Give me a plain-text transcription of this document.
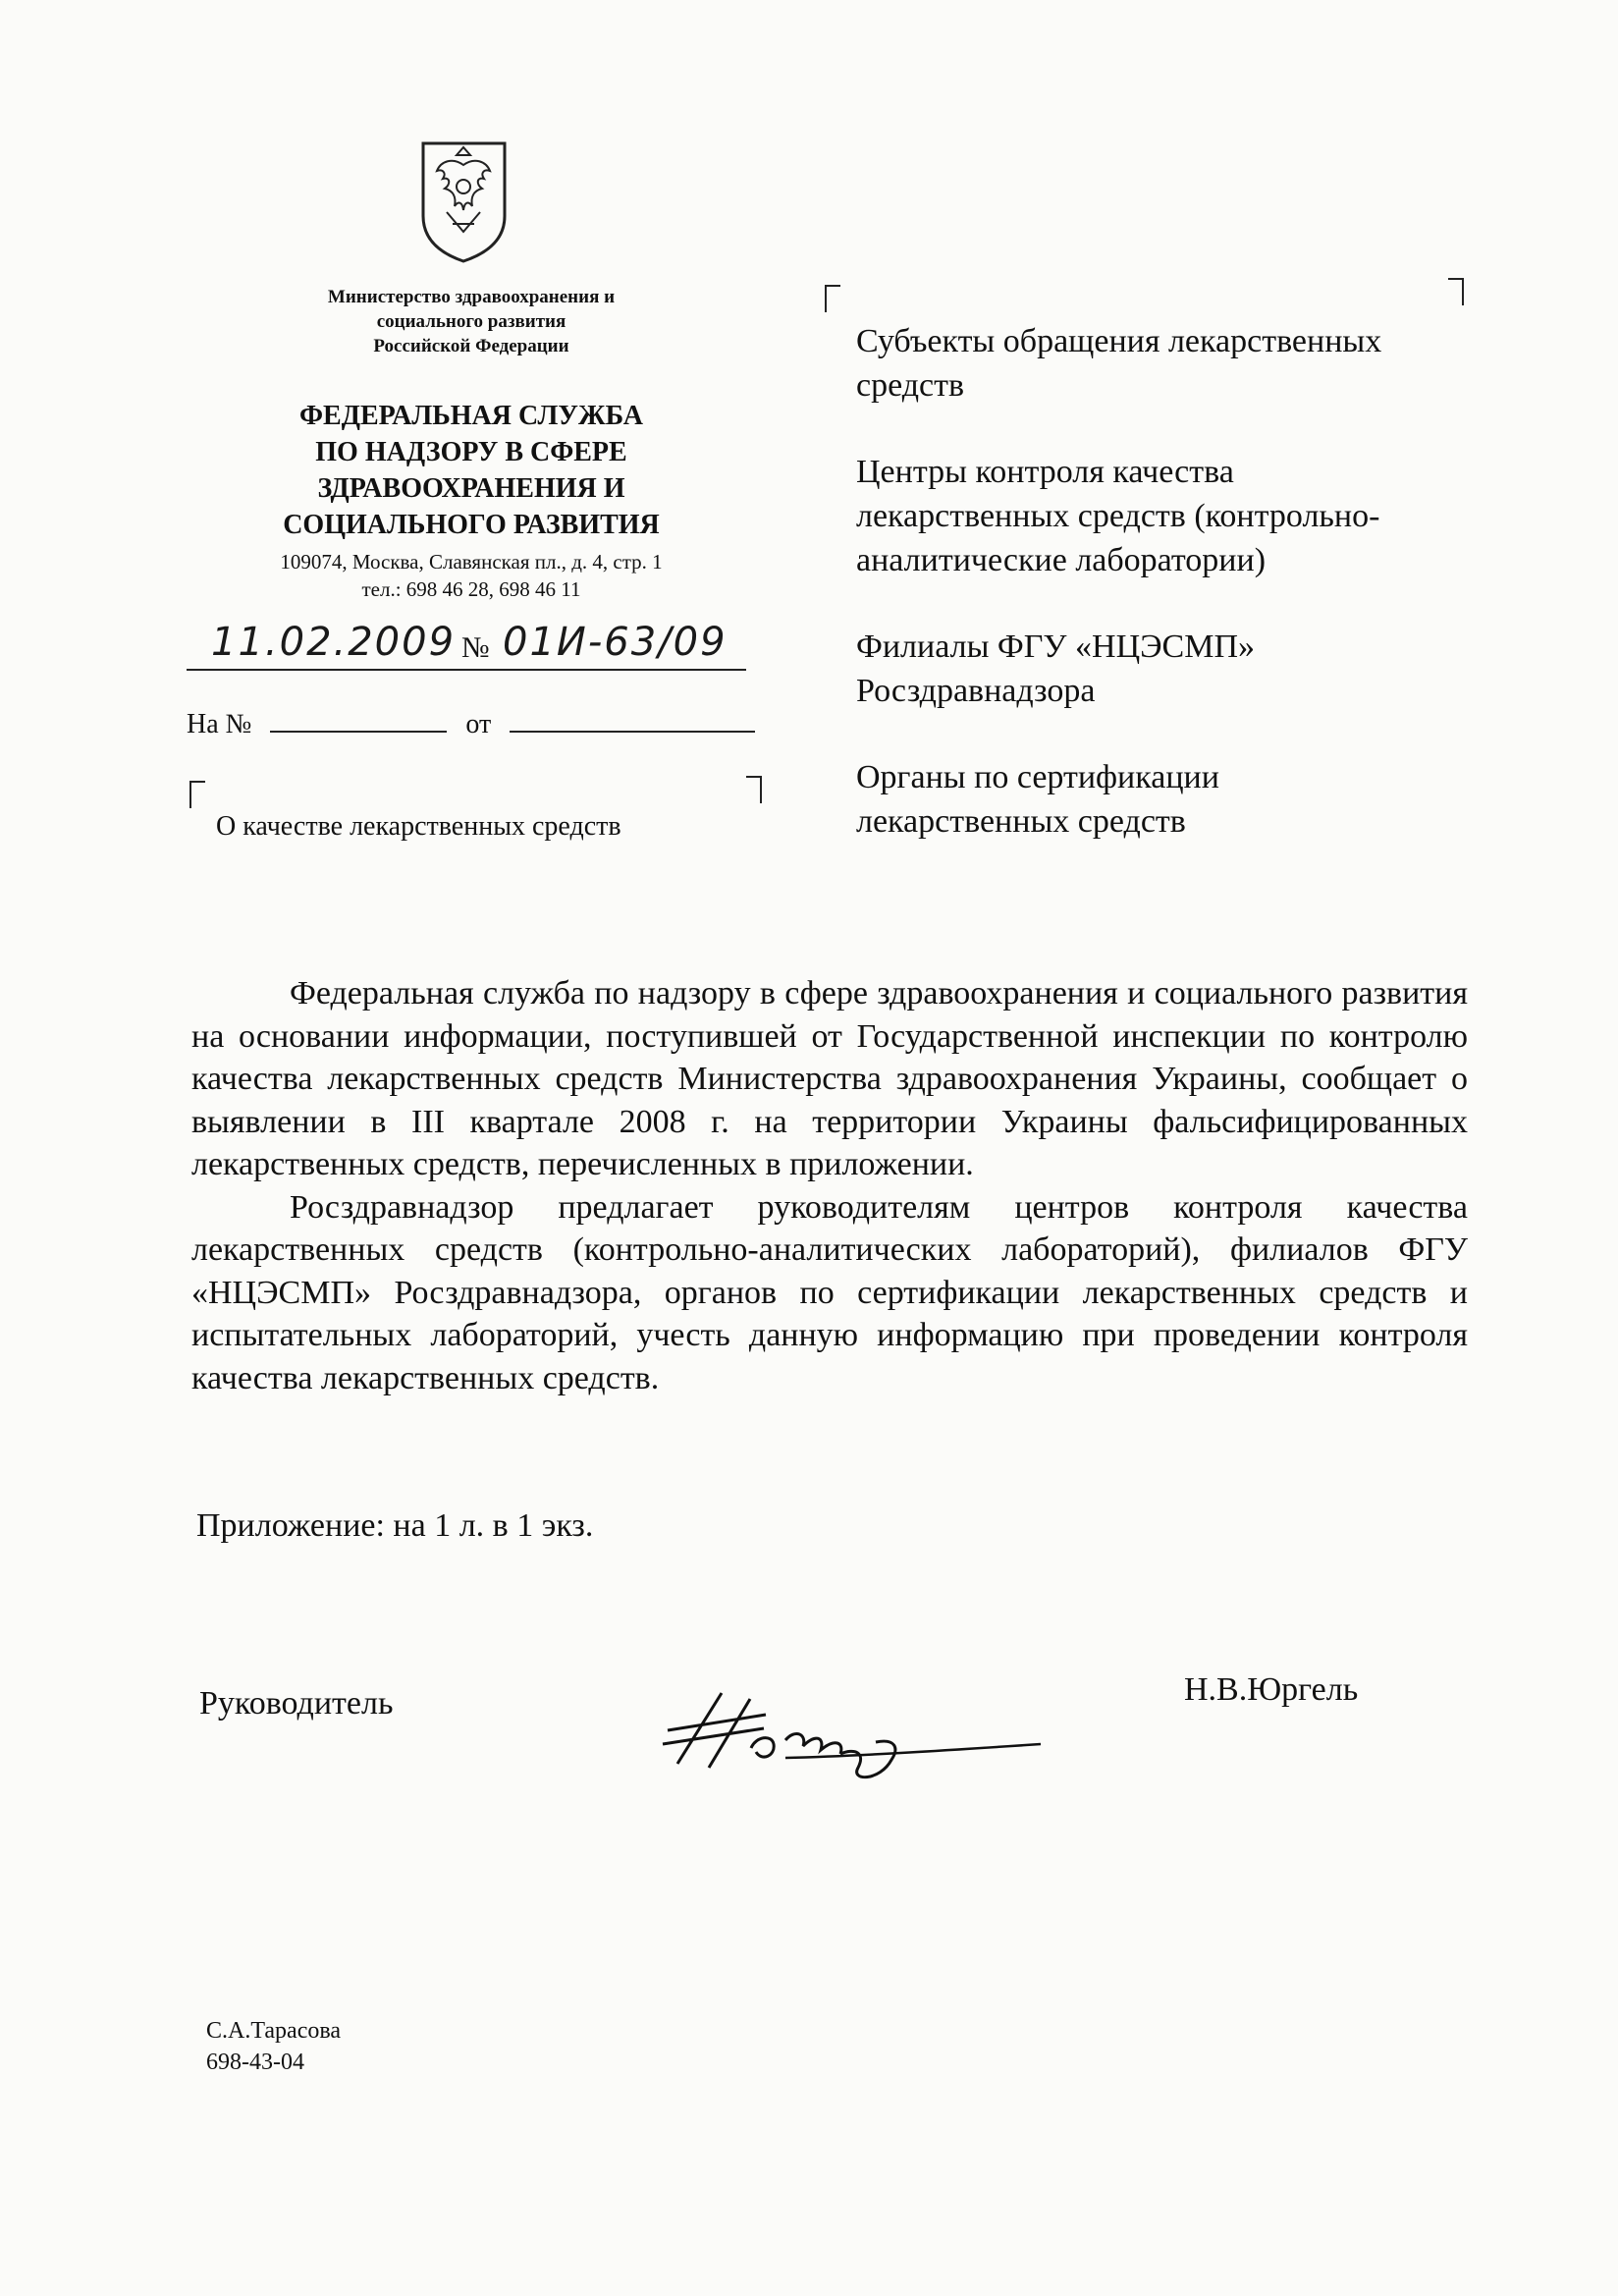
Министерство здравоохранения и
социального развития
Российской Федерации
ФЕДЕРАЛЬНАЯ СЛУЖБА
ПО НАДЗОРУ В СФЕРЕ
ЗДРАВООХРАНЕНИЯ И
СОЦИАЛЬНОГО РАЗВИТИЯ
109074, Москва, Славянская пл., д. 4, стр. 1
тел.: 698 46 28, 698 46 11
11.02.2009 № 01И-63/09
На №	от
О качестве лекарственных средств

Субъекты обращения лекарственных средств

Центры контроля качества лекарственных средств (контрольно-аналитические лаборатории)

Филиалы ФГУ «НЦЭСМП» Росздравнадзора

Органы по сертификации лекарственных средств

Федеральная служба по надзору в сфере здравоохранения и социального развития на основании информации, поступившей от Государственной инспекции по контролю качества лекарственных средств Министерства здравоохранения Украины, сообщает о выявлении в III квартале 2008 г. на территории Украины фальсифицированных лекарственных средств, перечисленных в приложении.

Росздравнадзор предлагает руководителям центров контроля качества лекарственных средств (контрольно-аналитических лабораторий), филиалов ФГУ «НЦЭСМП» Росздравнадзора, органов по сертификации лекарственных средств и испытательных лабораторий, учесть данную информацию при проведении контроля качества лекарственных средств.

Приложение: на 1 л. в 1 экз.
Руководитель	Н.В.Юргель
С.А.Тарасова
698-43-04
